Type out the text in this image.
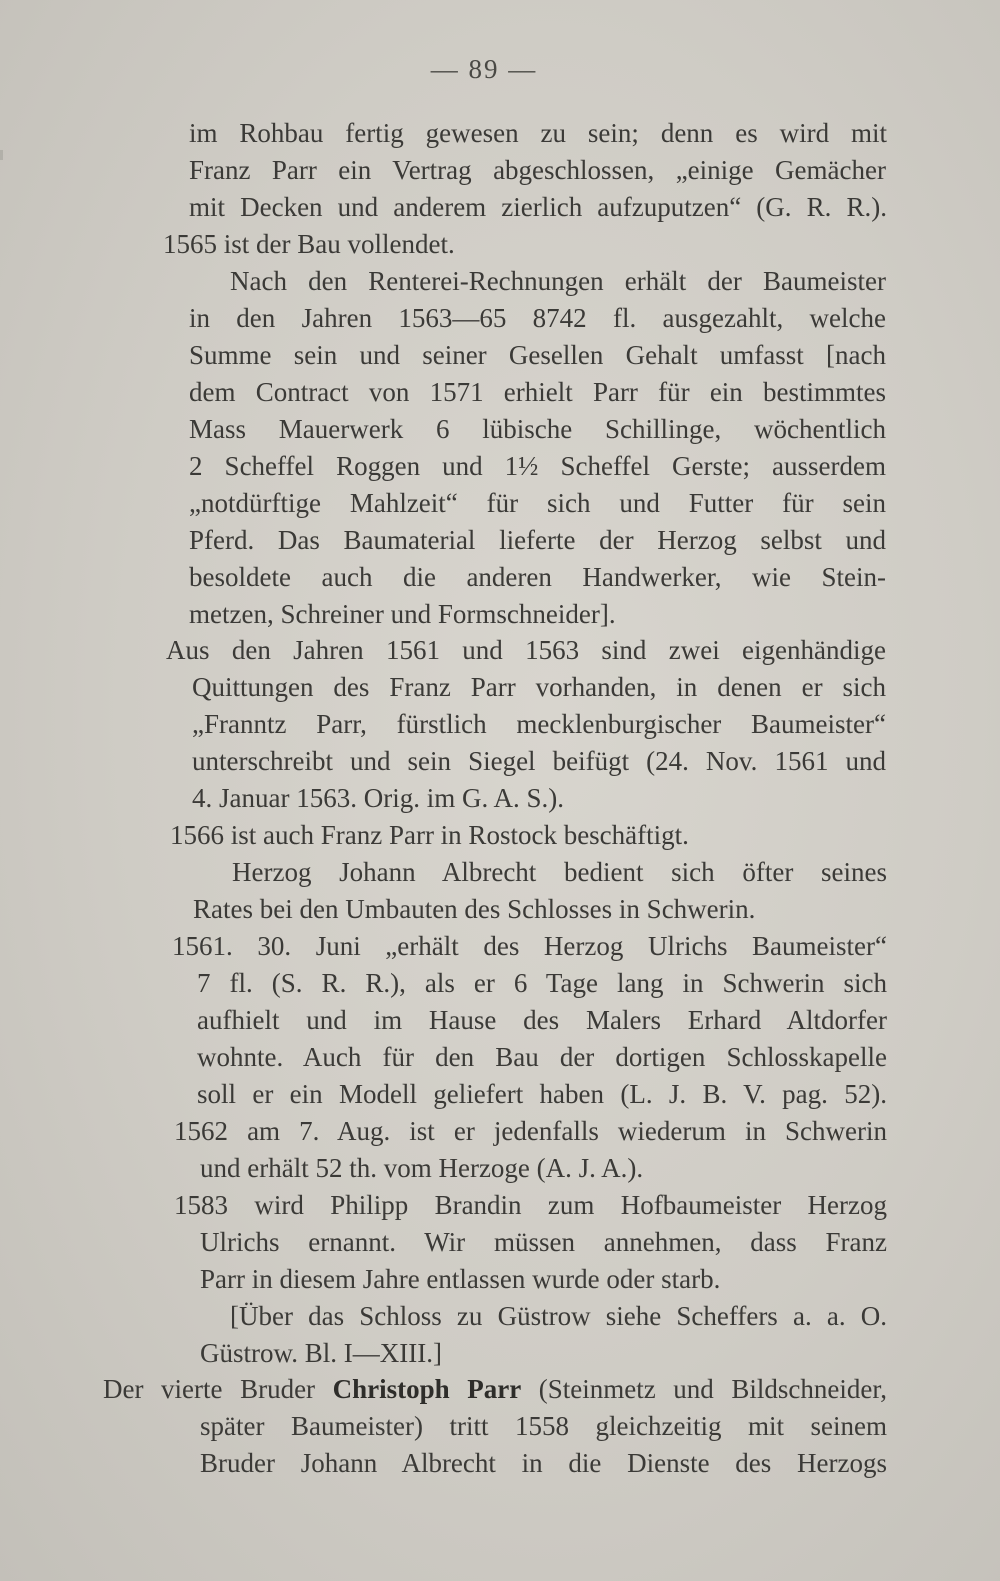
— 89 —
im Rohbau fertig gewesen zu sein; denn es wird mit
Franz Parr ein Vertrag abgeschlossen, „einige Gemächer
mit Decken und anderem zierlich aufzuputzen“ (G. R. R.).
1565 ist der Bau vollendet.
Nach den Renterei-Rechnungen erhält der Baumeister
in den Jahren 1563—65 8742 fl. ausgezahlt, welche
Summe sein und seiner Gesellen Gehalt umfasst [nach
dem Contract von 1571 erhielt Parr für ein bestimmtes
Mass Mauerwerk 6 lübische Schillinge, wöchentlich
2 Scheffel Roggen und 1½ Scheffel Gerste; ausserdem
„notdürftige Mahlzeit“ für sich und Futter für sein
Pferd. Das Baumaterial lieferte der Herzog selbst und
besoldete auch die anderen Handwerker, wie Stein-
metzen, Schreiner und Formschneider].
Aus den Jahren 1561 und 1563 sind zwei eigenhändige
Quittungen des Franz Parr vorhanden, in denen er sich
„Franntz Parr, fürstlich mecklenburgischer Baumeister“
unterschreibt und sein Siegel beifügt (24. Nov. 1561 und
4. Januar 1563. Orig. im G. A. S.).
1566 ist auch Franz Parr in Rostock beschäftigt.
Herzog Johann Albrecht bedient sich öfter seines
Rates bei den Umbauten des Schlosses in Schwerin.
1561. 30. Juni „erhält des Herzog Ulrichs Baumeister“
7 fl. (S. R. R.), als er 6 Tage lang in Schwerin sich
aufhielt und im Hause des Malers Erhard Altdorfer
wohnte. Auch für den Bau der dortigen Schlosskapelle
soll er ein Modell geliefert haben (L. J. B. V. pag. 52).
1562 am 7. Aug. ist er jedenfalls wiederum in Schwerin
und erhält 52 th. vom Herzoge (A. J. A.).
1583 wird Philipp Brandin zum Hofbaumeister Herzog
Ulrichs ernannt. Wir müssen annehmen, dass Franz
Parr in diesem Jahre entlassen wurde oder starb.
[Über das Schloss zu Güstrow siehe Scheffers a. a. O.
Güstrow. Bl. I—XIII.]
Der vierte Bruder Christoph Parr (Steinmetz und Bildschneider,
später Baumeister) tritt 1558 gleichzeitig mit seinem
Bruder Johann Albrecht in die Dienste des Herzogs
